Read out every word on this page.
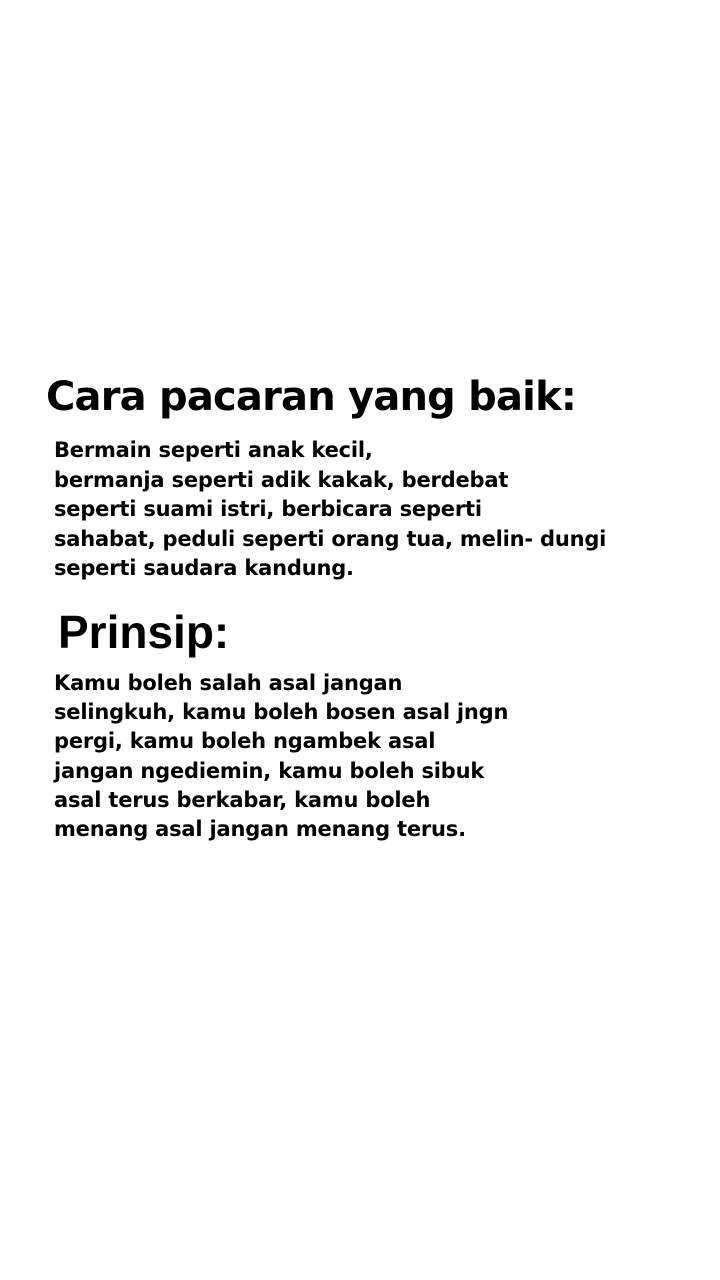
Cara pacaran yang baik:

Bermain seperti anak kecil,
bermanja seperti adik kakak, berdebat
seperti suami istri, berbicara seperti
sahabat, peduli seperti orang tua, melin- dungi
seperti saudara kandung.

Prinsip:

Kamu boleh salah asal jangan
selingkuh, kamu boleh bosen asal jngn
pergi, kamu boleh ngambek asal
jangan ngediemin, kamu boleh sibuk
asal terus berkabar, kamu boleh
menang asal jangan menang terus.
